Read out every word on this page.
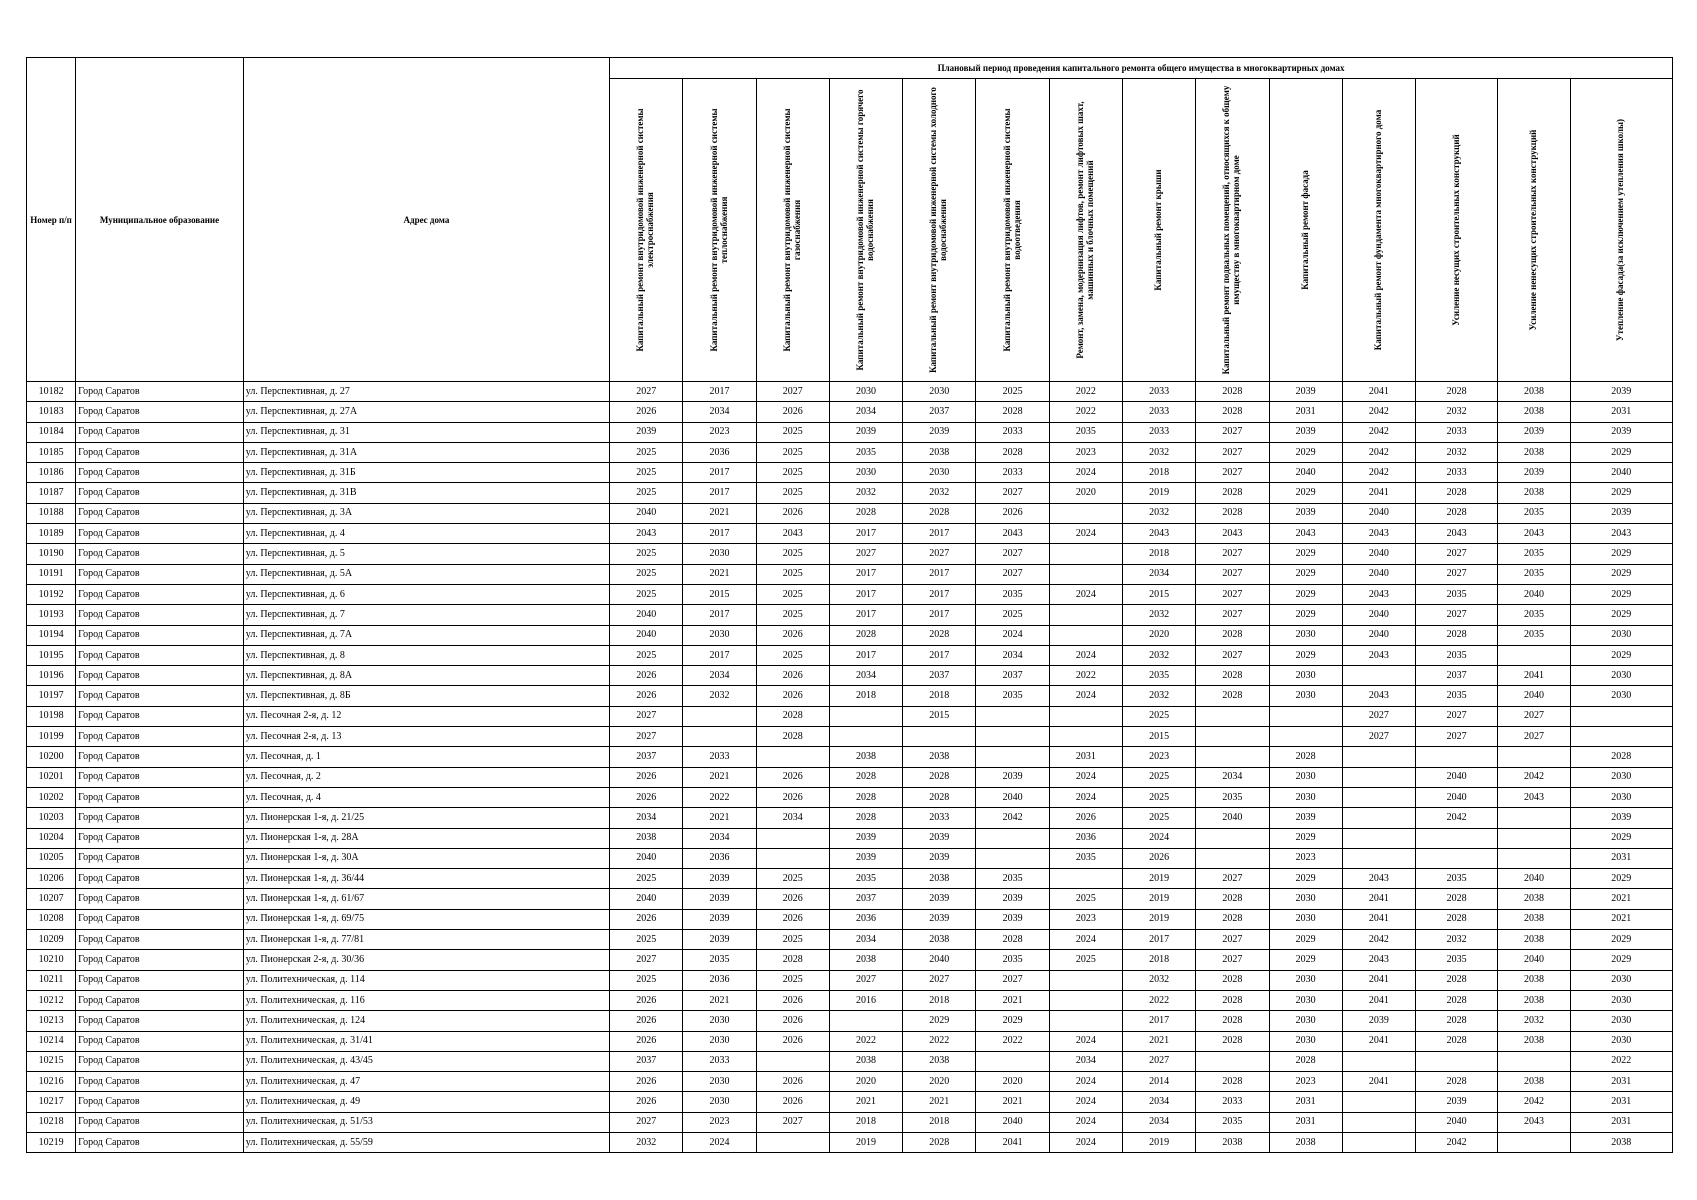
Номер п/п	Муниципальное образование	Адрес дома	Плановый период проведения капитального ремонта общего имущества в многоквартирных домах													

			Капитальный ремонт внутридомовой инженерной системы электроснабжения	Капитальный ремонт внутридомовой инженерной системы теплоснабжения	Капитальный ремонт внутридомовой инженерной системы газоснабжения	Капитальный ремонт внутридомовой инженерной системы горячего водоснабжения	Капитальный ремонт внутридомовой инженерной системы холодного водоснабжения	Капитальный ремонт внутридомовой инженерной системы водоотведения	Ремонт, замена, модернизация лифтов, ремонт лифтовых шахт, машинных и блочных помещений	Капитальный ремонт крыши	Капитальный ремонт подвальных помещений, относящихся к общему имуществу в многоквартирном доме	Капитальный ремонт фасада	Капитальный ремонт фундамента многоквартирного дома	Усиление несущих строительных конструкций	Усиление ненесущих строительных конструкций	Утепление фасада(за исключением утепления школы)

10182	Город Саратов	ул. Перспективная, д. 27	2027	2017	2027	2030	2030	2025	2022	2033	2028	2039	2041	2028	2038	2039
10183	Город Саратов	ул. Перспективная, д. 27А	2026	2034	2026	2034	2037	2028	2022	2033	2028	2031	2042	2032	2038	2031
10184	Город Саратов	ул. Перспективная, д. 31	2039	2023	2025	2039	2039	2033	2035	2033	2027	2039	2042	2033	2039	2039
10185	Город Саратов	ул. Перспективная, д. 31А	2025	2036	2025	2035	2038	2028	2023	2032	2027	2029	2042	2032	2038	2029
10186	Город Саратов	ул. Перспективная, д. 31Б	2025	2017	2025	2030	2030	2033	2024	2018	2027	2040	2042	2033	2039	2040
10187	Город Саратов	ул. Перспективная, д. 31В	2025	2017	2025	2032	2032	2027	2020	2019	2028	2029	2041	2028	2038	2029
10188	Город Саратов	ул. Перспективная, д. 3А	2040	2021	2026	2028	2028	2026		2032	2028	2039	2040	2028	2035	2039
10189	Город Саратов	ул. Перспективная, д. 4	2043	2017	2043	2017	2017	2043	2024	2043	2043	2043	2043	2043	2043	2043
10190	Город Саратов	ул. Перспективная, д. 5	2025	2030	2025	2027	2027	2027		2018	2027	2029	2040	2027	2035	2029
10191	Город Саратов	ул. Перспективная, д. 5А	2025	2021	2025	2017	2017	2027		2034	2027	2029	2040	2027	2035	2029
10192	Город Саратов	ул. Перспективная, д. 6	2025	2015	2025	2017	2017	2035	2024	2015	2027	2029	2043	2035	2040	2029
10193	Город Саратов	ул. Перспективная, д. 7	2040	2017	2025	2017	2017	2025		2032	2027	2029	2040	2027	2035	2029
10194	Город Саратов	ул. Перспективная, д. 7А	2040	2030	2026	2028	2028	2024		2020	2028	2030	2040	2028	2035	2030
10195	Город Саратов	ул. Перспективная, д. 8	2025	2017	2025	2017	2017	2034	2024	2032	2027	2029	2043	2035		2029
10196	Город Саратов	ул. Перспективная, д. 8А	2026	2034	2026	2034	2037	2037	2022	2035	2028	2030		2037	2041	2030
10197	Город Саратов	ул. Перспективная, д. 8Б	2026	2032	2026	2018	2018	2035	2024	2032	2028	2030	2043	2035	2040	2030
10198	Город Саратов	ул. Песочная 2-я, д. 12	2027		2028		2015			2025			2027	2027	2027	
10199	Город Саратов	ул. Песочная 2-я, д. 13	2027		2028					2015			2027	2027	2027	
10200	Город Саратов	ул. Песочная, д. 1	2037	2033		2038	2038		2031	2023		2028				2028
10201	Город Саратов	ул. Песочная, д. 2	2026	2021	2026	2028	2028	2039	2024	2025	2034	2030		2040	2042	2030
10202	Город Саратов	ул. Песочная, д. 4	2026	2022	2026	2028	2028	2040	2024	2025	2035	2030		2040	2043	2030
10203	Город Саратов	ул. Пионерская 1-я, д. 21/25	2034	2021	2034	2028	2033	2042	2026	2025	2040	2039		2042		2039
10204	Город Саратов	ул. Пионерская 1-я, д. 28А	2038	2034		2039	2039		2036	2024		2029				2029
10205	Город Саратов	ул. Пионерская 1-я, д. 30А	2040	2036		2039	2039		2035	2026		2023				2031
10206	Город Саратов	ул. Пионерская 1-я, д. 36/44	2025	2039	2025	2035	2038	2035		2019	2027	2029	2043	2035	2040	2029
10207	Город Саратов	ул. Пионерская 1-я, д. 61/67	2040	2039	2026	2037	2039	2039	2025	2019	2028	2030	2041	2028	2038	2021
10208	Город Саратов	ул. Пионерская 1-я, д. 69/75	2026	2039	2026	2036	2039	2039	2023	2019	2028	2030	2041	2028	2038	2021
10209	Город Саратов	ул. Пионерская 1-я, д. 77/81	2025	2039	2025	2034	2038	2028	2024	2017	2027	2029	2042	2032	2038	2029
10210	Город Саратов	ул. Пионерская 2-я, д. 30/36	2027	2035	2028	2038	2040	2035	2025	2018	2027	2029	2043	2035	2040	2029
10211	Город Саратов	ул. Политехническая, д. 114	2025	2036	2025	2027	2027	2027		2032	2028	2030	2041	2028	2038	2030
10212	Город Саратов	ул. Политехническая, д. 116	2026	2021	2026	2016	2018	2021		2022	2028	2030	2041	2028	2038	2030
10213	Город Саратов	ул. Политехническая, д. 124	2026	2030	2026		2029	2029		2017	2028	2030	2039	2028	2032	2030
10214	Город Саратов	ул. Политехническая, д. 31/41	2026	2030	2026	2022	2022	2022	2024	2021	2028	2030	2041	2028	2038	2030
10215	Город Саратов	ул. Политехническая, д. 43/45	2037	2033		2038	2038		2034	2027		2028				2022
10216	Город Саратов	ул. Политехническая, д. 47	2026	2030	2026	2020	2020	2020	2024	2014	2028	2023	2041	2028	2038	2031
10217	Город Саратов	ул. Политехническая, д. 49	2026	2030	2026	2021	2021	2021	2024	2034	2033	2031		2039	2042	2031
10218	Город Саратов	ул. Политехническая, д. 51/53	2027	2023	2027	2018	2018	2040	2024	2034	2035	2031		2040	2043	2031
10219	Город Саратов	ул. Политехническая, д. 55/59	2032	2024		2019	2028	2041	2024	2019	2038	2038		2042		2038
